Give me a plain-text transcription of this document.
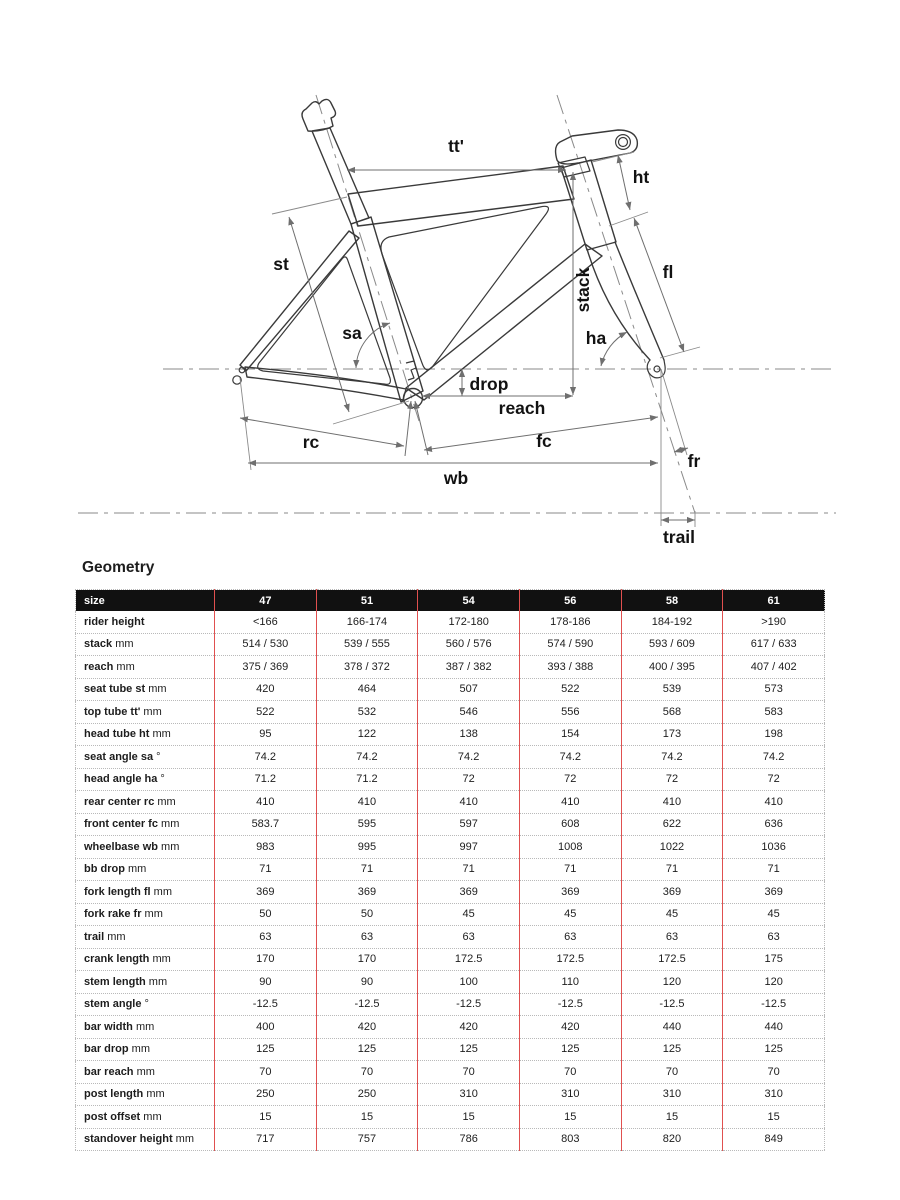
tt'
ht
st	fl
stack
sa	ha
drop
reach
rc	fc
wb
fr
trail
Geometry
size	47	51	54	56	58	61
rider height	<166	166-174	172-180	178-186	184-192	>190
stack mm	514 / 530	539 / 555	560 / 576	574 / 590	593 / 609	617 / 633
reach mm	375 / 369	378 / 372	387 / 382	393 / 388	400 / 395	407 / 402
seat tube st mm	420	464	507	522	539	573
top tube tt' mm	522	532	546	556	568	583
head tube ht mm	95	122	138	154	173	198
seat angle sa °	74.2	74.2	74.2	74.2	74.2	74.2
head angle ha °	71.2	71.2	72	72	72	72
rear center rc mm	410	410	410	410	410	410
front center fc mm	583.7	595	597	608	622	636
wheelbase wb mm	983	995	997	1008	1022	1036
bb drop mm	71	71	71	71	71	71
fork length fl mm	369	369	369	369	369	369
fork rake fr mm	50	50	45	45	45	45
trail mm	63	63	63	63	63	63
crank length mm	170	170	172.5	172.5	172.5	175
stem length mm	90	90	100	110	120	120
stem angle °	-12.5	-12.5	-12.5	-12.5	-12.5	-12.5
bar width mm	400	420	420	420	440	440
bar drop mm	125	125	125	125	125	125
bar reach mm	70	70	70	70	70	70
post length mm	250	250	310	310	310	310
post offset mm	15	15	15	15	15	15
standover height mm	717	757	786	803	820	849
